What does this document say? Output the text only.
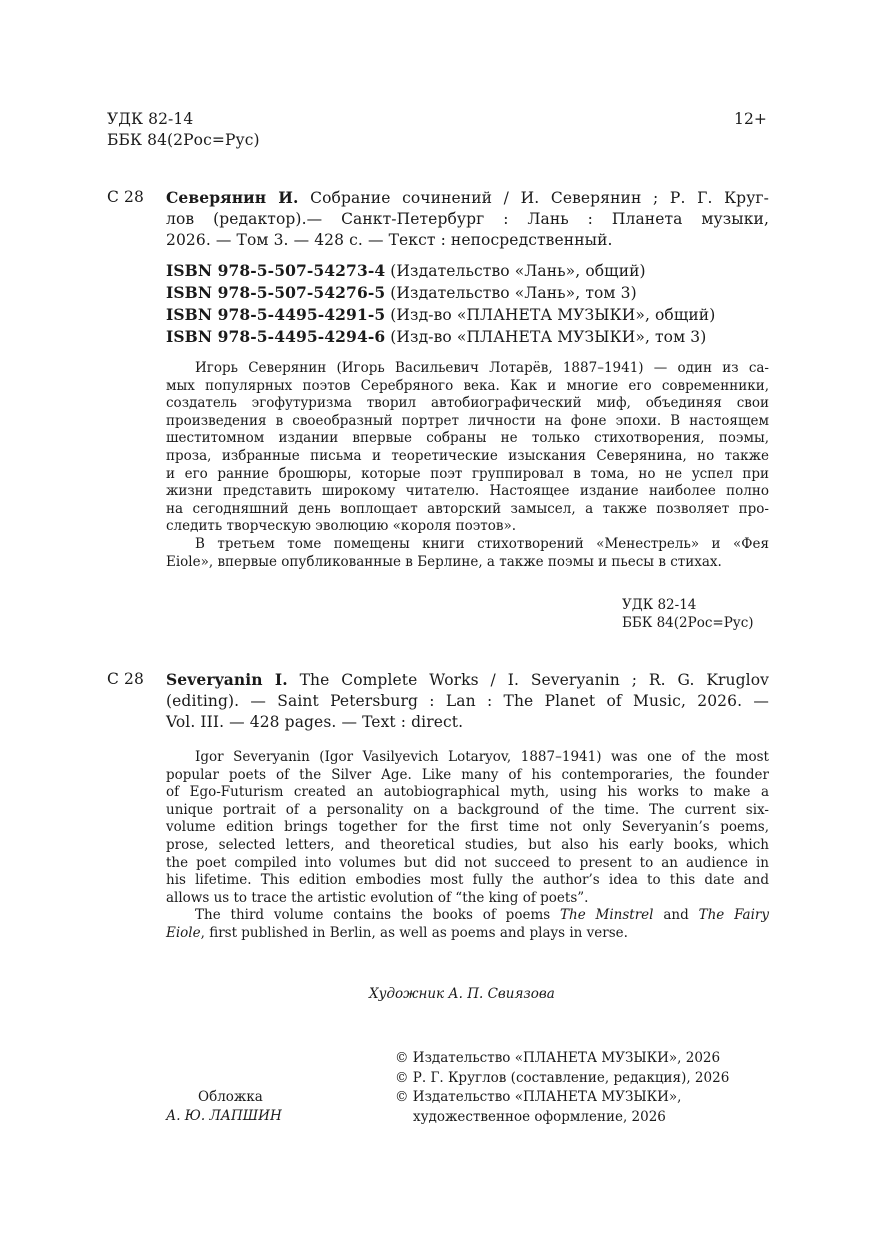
УДК 82-14
ББК 84(2Рос=Рус)
12+
С 28 Северянин И. Собрание сочинений / И. Северянин ; Р. Г. Круг-
лов (редактор).— Санкт-Петербург : Лань : Планета музыки,
2026. — Том 3. — 428 с. — Текст : непосредственный.
ISBN 978-5-507-54273-4 (Издательство «Лань», общий)
ISBN 978-5-507-54276-5 (Издательство «Лань», том 3)
ISBN 978-5-4495-4291-5 (Изд-во «ПЛАНЕТА МУЗЫКИ», общий)
ISBN 978-5-4495-4294-6 (Изд-во «ПЛАНЕТА МУЗЫКИ», том 3)
Игорь Северянин (Игорь Васильевич Лотарёв, 1887–1941) — один из са-
мых популярных поэтов Серебряного века. Как и многие его современники,
создатель эгофутуризма творил автобиографический миф, объединяя свои
произведения в своеобразный портрет личности на фоне эпохи. В настоящем
шеститомном издании впервые собраны не только стихотворения, поэмы,
проза, избранные письма и теоретические изыскания Северянина, но также
и его ранние брошюры, которые поэт группировал в тома, но не успел при
жизни представить широкому читателю. Настоящее издание наиболее полно
на сегодняшний день воплощает авторский замысел, а также позволяет про-
следить творческую эволюцию «короля поэтов».
В третьем томе помещены книги стихотворений «Менестрель» и «Фея
Eiole», впервые опубликованные в Берлине, а также поэмы и пьесы в стихах.
УДК 82-14
ББК 84(2Рос=Рус)
С 28 Severyanin I. The Complete Works / I. Severyanin ; R. G. Kruglov
(editing). — Saint Petersburg : Lan : The Planet of Music, 2026. —
Vol. III. — 428 pages. — Text : direct.
Igor Severyanin (Igor Vasilyevich Lotaryov, 1887–1941) was one of the most
popular poets of the Silver Age. Like many of his contemporaries, the founder
of Ego-Futurism created an autobiographical myth, using his works to make a
unique portrait of a personality on a background of the time. The current six-
volume edition brings together for the first time not only Severyanin’s poems,
prose, selected letters, and theoretical studies, but also his early books, which
the poet compiled into volumes but did not succeed to present to an audience in
his lifetime. This edition embodies most fully the author’s idea to this date and
allows us to trace the artistic evolution of “the king of poets”.
The third volume contains the books of poems The Minstrel and The Fairy
Eiole, first published in Berlin, as well as poems and plays in verse.
Художник А. П. Свиязова
Обложка
А. Ю. ЛАПШИН
© Издательство «ПЛАНЕТА МУЗЫКИ», 2026
© Р. Г. Круглов (составление, редакция), 2026
© Издательство «ПЛАНЕТА МУЗЫКИ»,
художественное оформление, 2026
